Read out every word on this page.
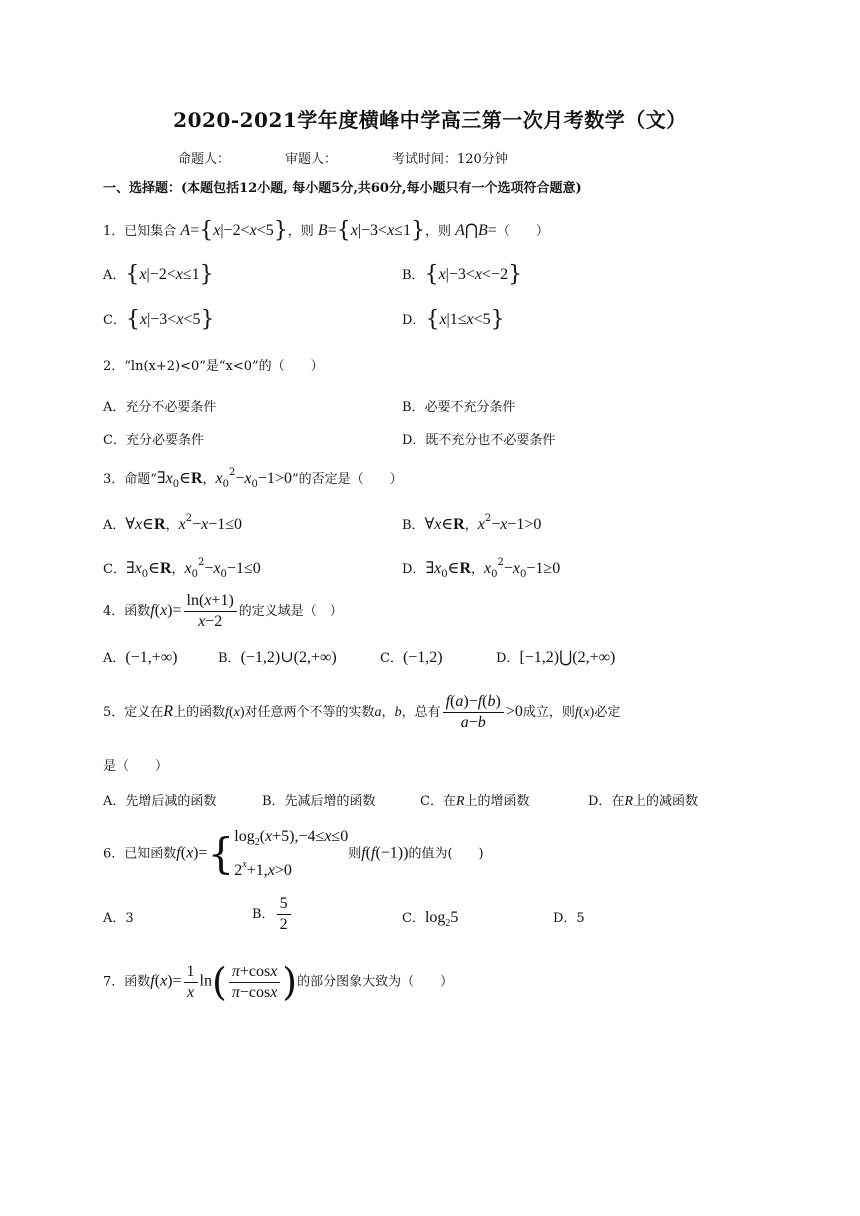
2020-2021学年度横峰中学高三第一次月考数学（文）
命题人：	审题人：	考试时间：120分钟
一、选择题：(本题包括12小题, 每小题5分,共60分,每小题只有一个选项符合题意)
1．已知集合 A={x|−2<x<5}，则 B={x|−3<x≤1}，则 A⋂B=（　　）
A．{x|−2<x≤1}	B．{x|−3<x<−2}
C．{x|−3<x<5}	D．{x|1≤x<5}
2．“ln(x+2)<0”是“x<0”的（　　）
A．充分不必要条件	B．必要不充分条件
C．充分必要条件	D．既不充分也不必要条件
3．命题“$\exists x_0\in R$，$x_0^2-x_0-1>0$”的否定是（　　）
A．∀x∈R，$x^2-x-1\le 0$	B．∀x∈R，$x^2-x-1>0$
C．$\exists x_0\in R$，$x_0^2-x_0-1\le 0$	D．$\exists x_0\in R$，$x_0^2-x_0-1\ge 0$
4．函数$f(x)= \frac{\ln(x+1)}{x-2}$ 的定义域是（　）
A．(−1,+∞)	B．(−1,2)∪(2,+∞)	C．(−1,2)	D．[−1,2)⋃(2,+∞)
5．定义在R上的函数f(x)对任意两个不等的实数a，b，总有 $\frac{f(a)-f(b)}{a-b} >0$成立，则f(x)必定
是（　　）
A．先增后减的函数	B．先减后增的函数	C．在R上的增函数	D．在R上的减函数
6．已知函数f(x)={ $\log_2(x+5),-4\le x\le 0$
$2^x+1,x>0$
则f(f(−1))的值为(　　)
A．3	B． $\frac{5}{2}$	C．$\log_25$	D．5
7．函数$f(x)= \frac{1}{x} \ln( \frac{\pi+\cos x}{\pi-\cos x}$ )的部分图象大致为（　　）
